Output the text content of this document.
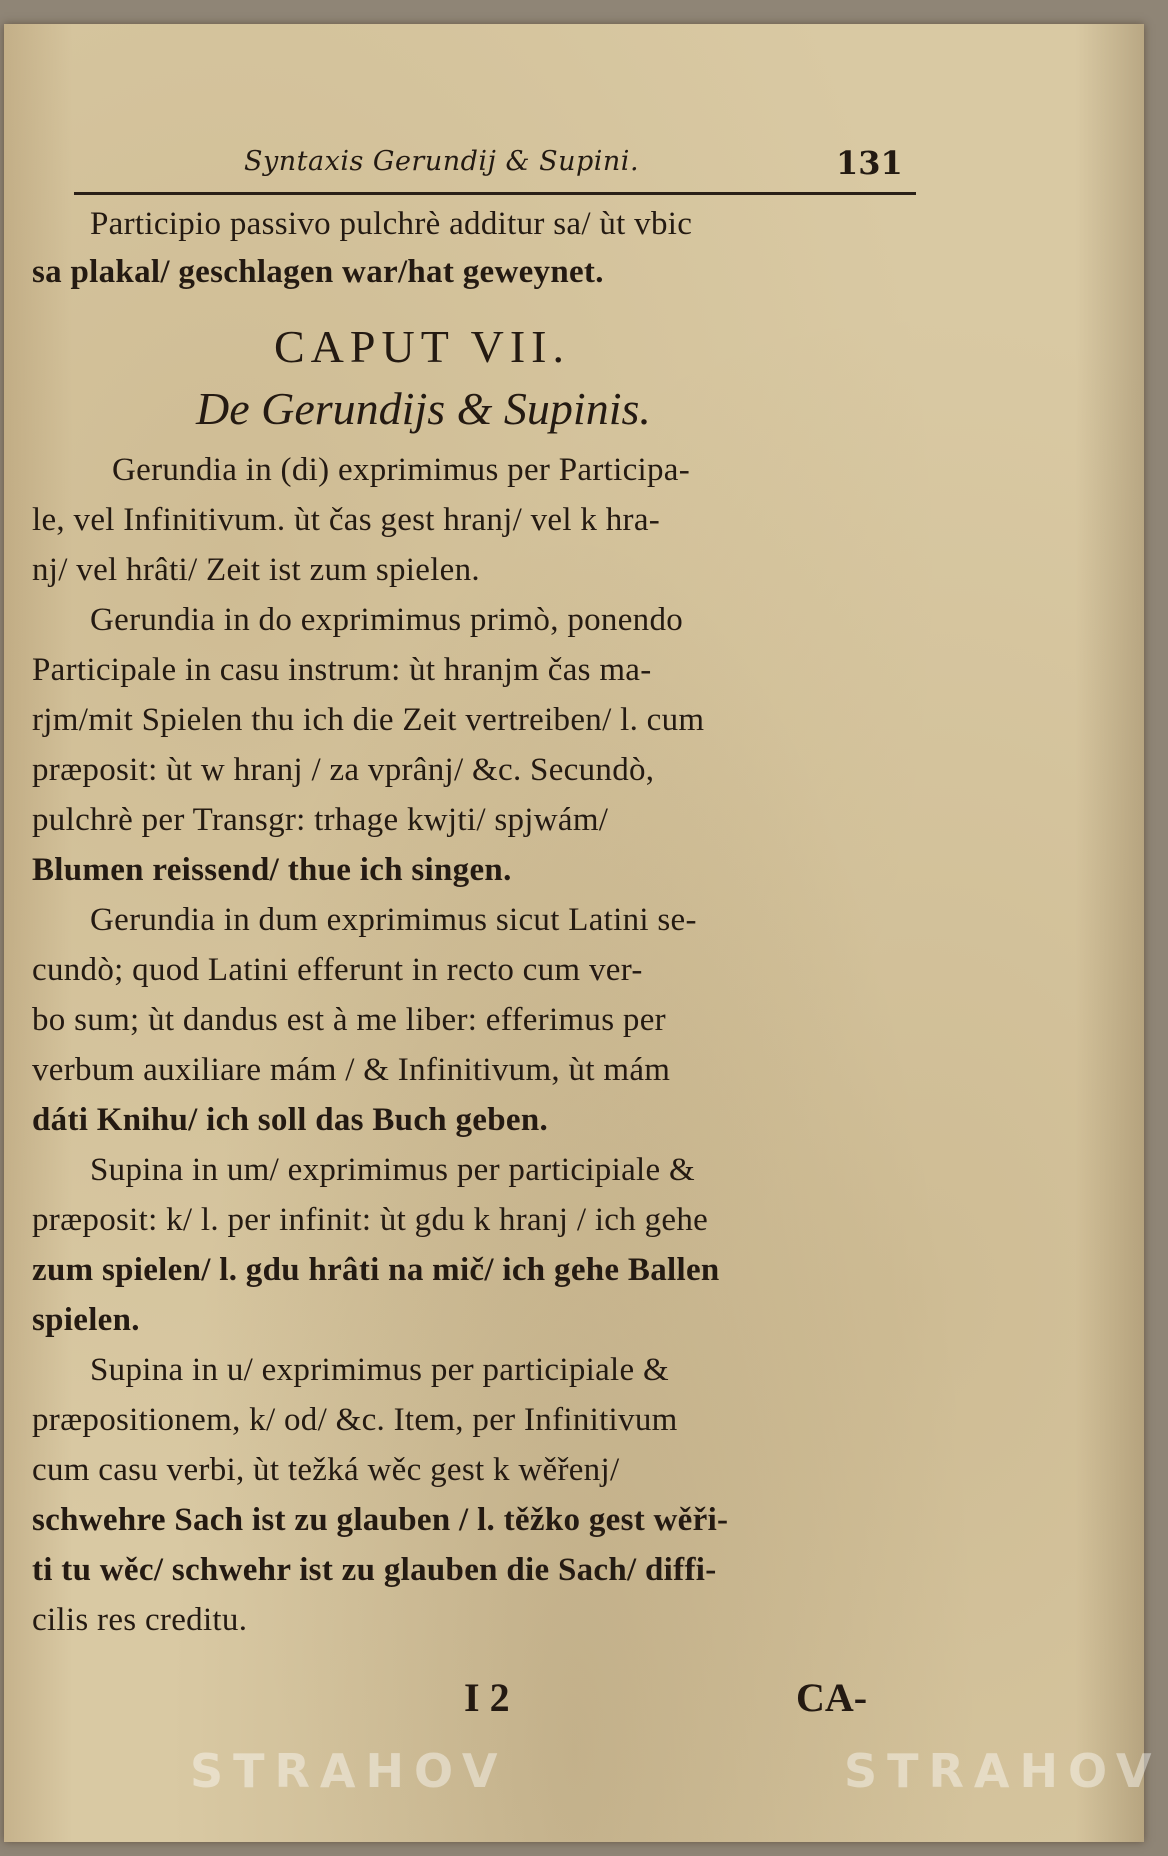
Syntaxis Gerundij & Supini.	131
Participio passivo pulchrè additur sa/ ùt vbic
sa plakal/ geschlagen war/hat geweynet.
CAPUT VII.
De Gerundijs & Supinis.
Gerundia in (di) exprimimus per Participa-
le, vel Infinitivum. ùt čas gest hranj/ vel k hra-
nj/ vel hrâti/ Zeit ist zum spielen.
Gerundia in do exprimimus primò, ponendo
Participale in casu instrum: ùt hranjm čas ma-
rjm/mit Spielen thu ich die Zeit vertreiben/ l. cum
præposit: ùt w hranj / za vprânj/ &c. Secundò,
pulchrè per Transgr: trhage kwjti/ spjwám/
Blumen reissend/ thue ich singen.
Gerundia in dum exprimimus sicut Latini se-
cundò; quod Latini efferunt in recto cum ver-
bo sum; ùt dandus est à me liber: efferimus per
verbum auxiliare mám / & Infinitivum, ùt mám
dáti Knihu/ ich soll das Buch geben.
Supina in um/ exprimimus per participiale &
præposit: k/ l. per infinit: ùt gdu k hranj / ich gehe
zum spielen/ l. gdu hrâti na mič/ ich gehe Ballen
spielen.
Supina in u/ exprimimus per participiale &
præpositionem, k/ od/ &c. Item, per Infinitivum
cum casu verbi, ùt težká wěc gest k wěřenj/
schwehre Sach ist zu glauben / l. těžko gest wěři-
ti tu wěc/ schwehr ist zu glauben die Sach/ diffi-
cilis res creditu.
I 2	CA-
STRAHOV	STRAHOV
